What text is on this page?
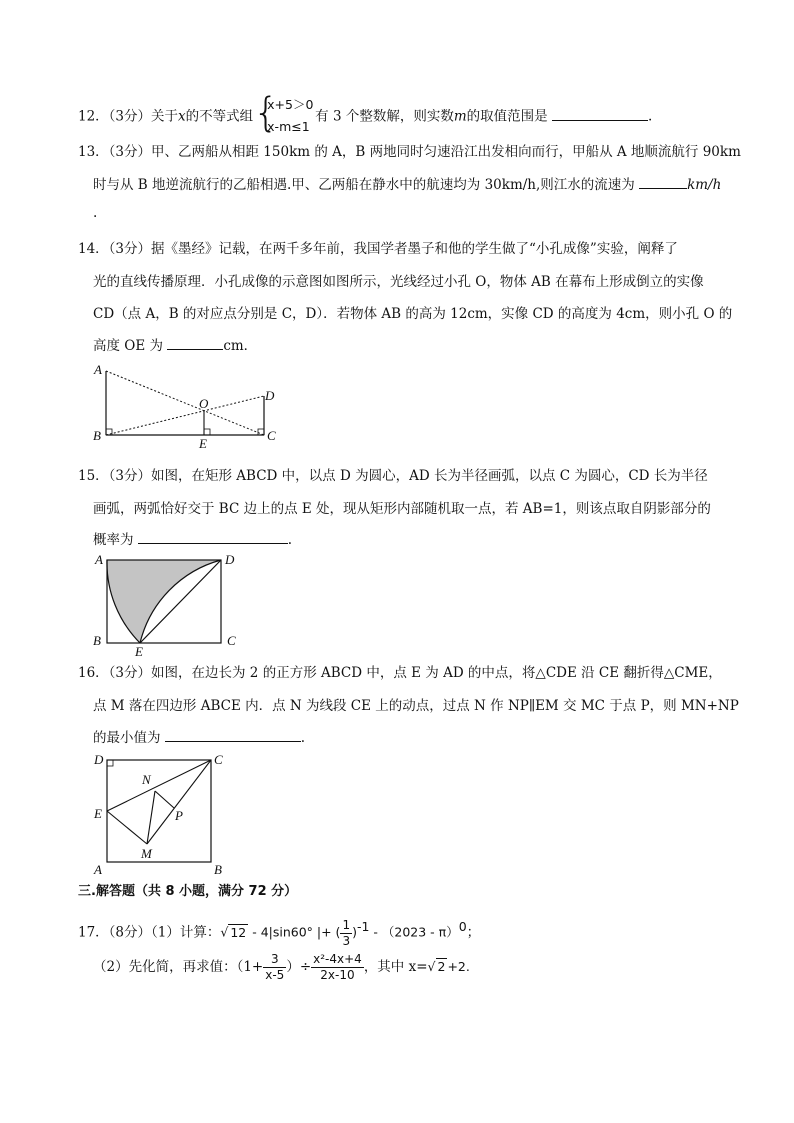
12．（3分）关于x的不等式组 {
x+5＞0
x-m≤1
有 3 个整数解，则实数m的取值范围是	.
13．（3分）甲、乙两船从相距 150km 的 A，B 两地同时匀速沿江出发相向而行，甲船从 A 地顺流航行 90km
时与从 B 地逆流航行的乙船相遇.甲、乙两船在静水中的航速均为 30km/h,则江水的流速为	km/h
.
14．（3分）据《墨经》记载，在两千多年前，我国学者墨子和他的学生做了“小孔成像”实验，阐释了
光的直线传播原理．小孔成像的示意图如图所示，光线经过小孔 O，物体 AB 在幕布上形成倒立的实像
CD（点 A，B 的对应点分别是 C，D）．若物体 AB 的高为 12cm，实像 CD 的高度为 4cm，则小孔 O 的
高度 OE 为	cm．
A
B
O
E
C
D
15．（3分）如图，在矩形 ABCD 中，以点 D 为圆心，AD 长为半径画弧，以点 C 为圆心，CD 长为半径
画弧，两弧恰好交于 BC 边上的点 E 处，现从矩形内部随机取一点，若 AB=1，则该点取自阴影部分的
概率为	.
A	D
B	C
E
16．（3分）如图，在边长为 2 的正方形 ABCD 中，点 E 为 AD 的中点，将△CDE 沿 CE 翻折得△CME，
点 M 落在四边形 ABCE 内．点 N 为线段 CE 上的动点，过点 N 作 NP∥EM 交 MC 于点 P，则 MN+NP
的最小值为	.
D	C
E
A	B
M
N
P
三.解答题（共 8 小题，满分 72 分）
17．（8分）（1）计算：√ 12 - 4|sin60° |+ ( $\frac{1}{3} )^{-1} - (2023 - \pi)^0$；
（2）先化简，再求值：（$1+ \frac{3}{x-5}$ ）÷ $\frac{\text{x²-4x+4}}{2x-10}$ ，其中 x=√ 2 +2.
